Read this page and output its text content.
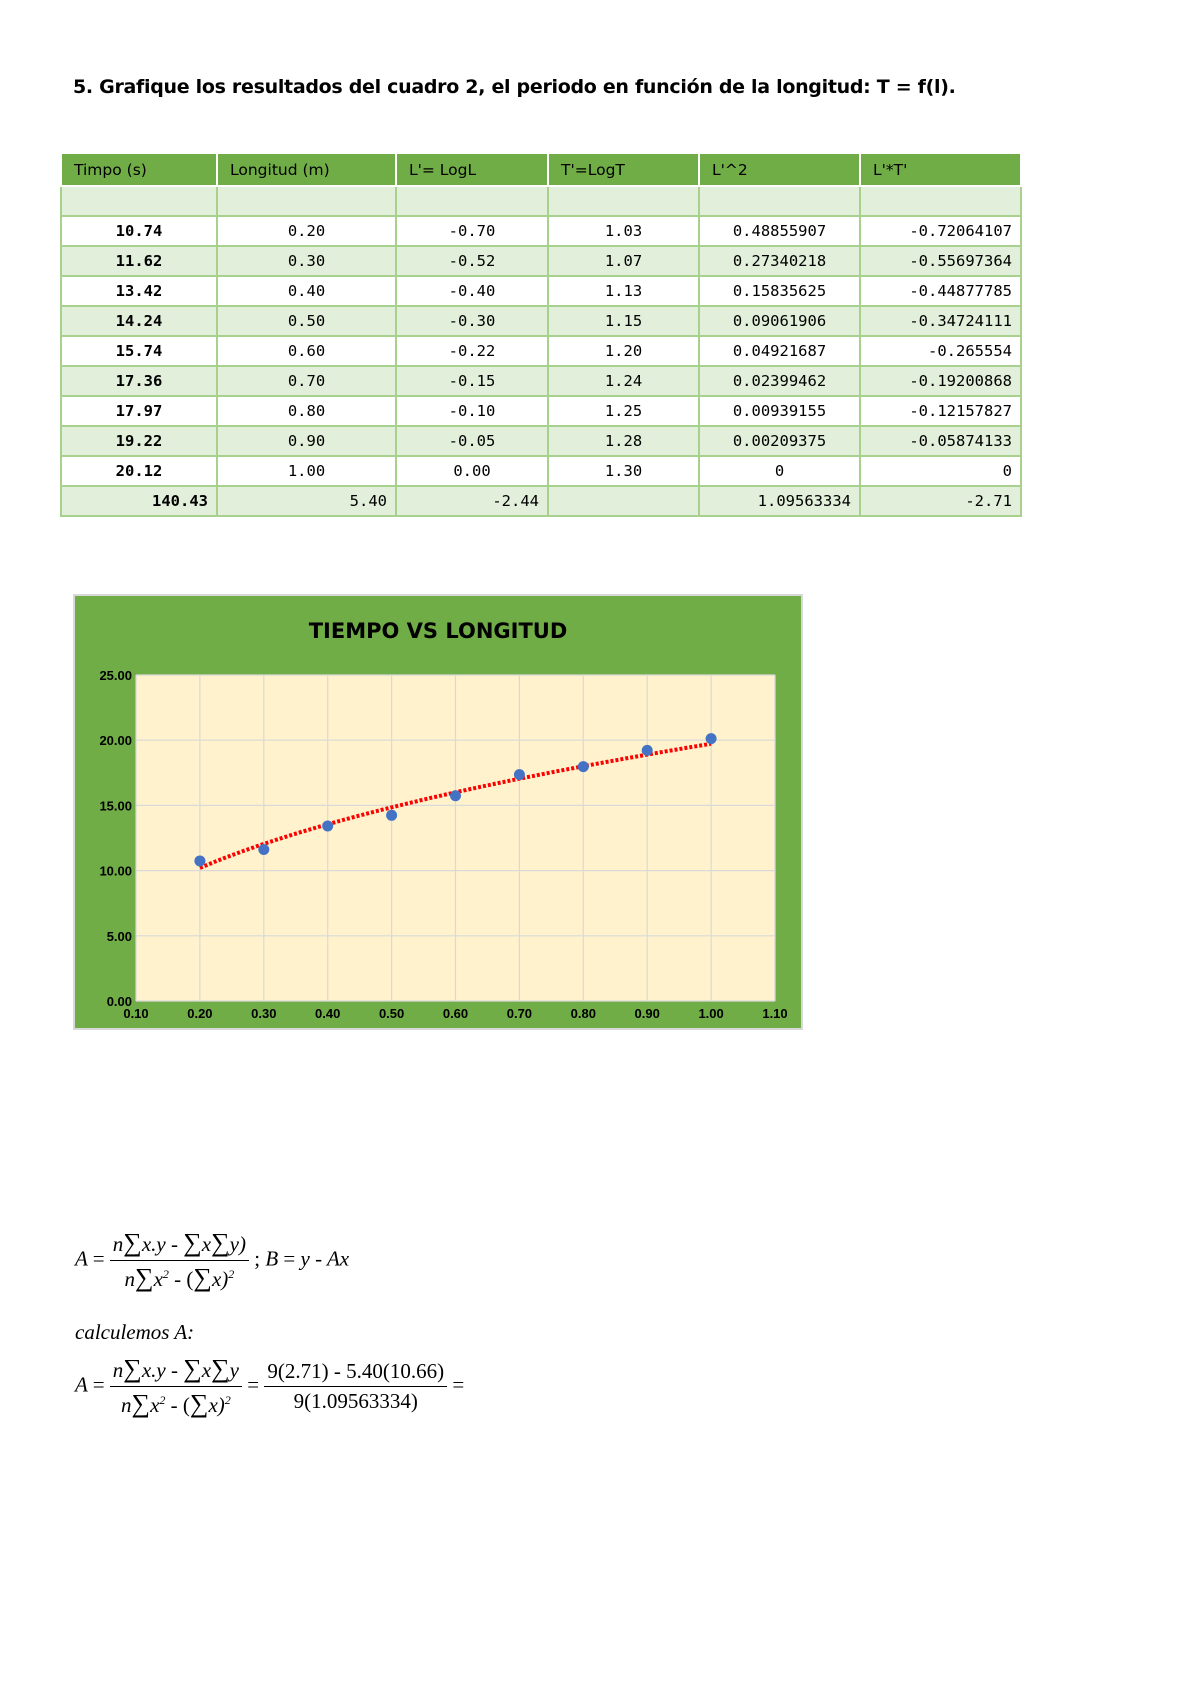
5. Grafique los resultados del cuadro 2, el periodo en función de la longitud: T = f(l).
Timpo (s)	Longitud (m)	L'= LogL	T'=LogT	L'^2	L'*T'

10.74	0.20	-0.70	1.03	0.48855907	-0.72064107
11.62	0.30	-0.52	1.07	0.27340218	-0.55697364
13.42	0.40	-0.40	1.13	0.15835625	-0.44877785
14.24	0.50	-0.30	1.15	0.09061906	-0.34724111
15.74	0.60	-0.22	1.20	0.04921687	-0.265554
17.36	0.70	-0.15	1.24	0.02399462	-0.19200868
17.97	0.80	-0.10	1.25	0.00939155	-0.12157827
19.22	0.90	-0.05	1.28	0.00209375	-0.05874133
20.12	1.00	0.00	1.30	0	0
140.43	5.40	-2.44		1.09563334	-2.71
0.10	0.20	0.30	0.40	0.50	0.60	0.70	0.80	0.90	1.00	1.10
0.00
5.00
10.00
15.00
20.00
25.00
TIEMPO VS LONGITUD
$A = \frac{n\sum x.y - \sum x\sum y)}{n\sum x^2 - (\sum x)^2}$ ; B = y - Ax
calculemos A:
$A = \frac{n\sum x.y - \sum x\sum y}{n\sum x^2 - (\sum x)^2} = \frac{9(2.71) - 5.40(10.66)}{9(1.09563334)}$ =
